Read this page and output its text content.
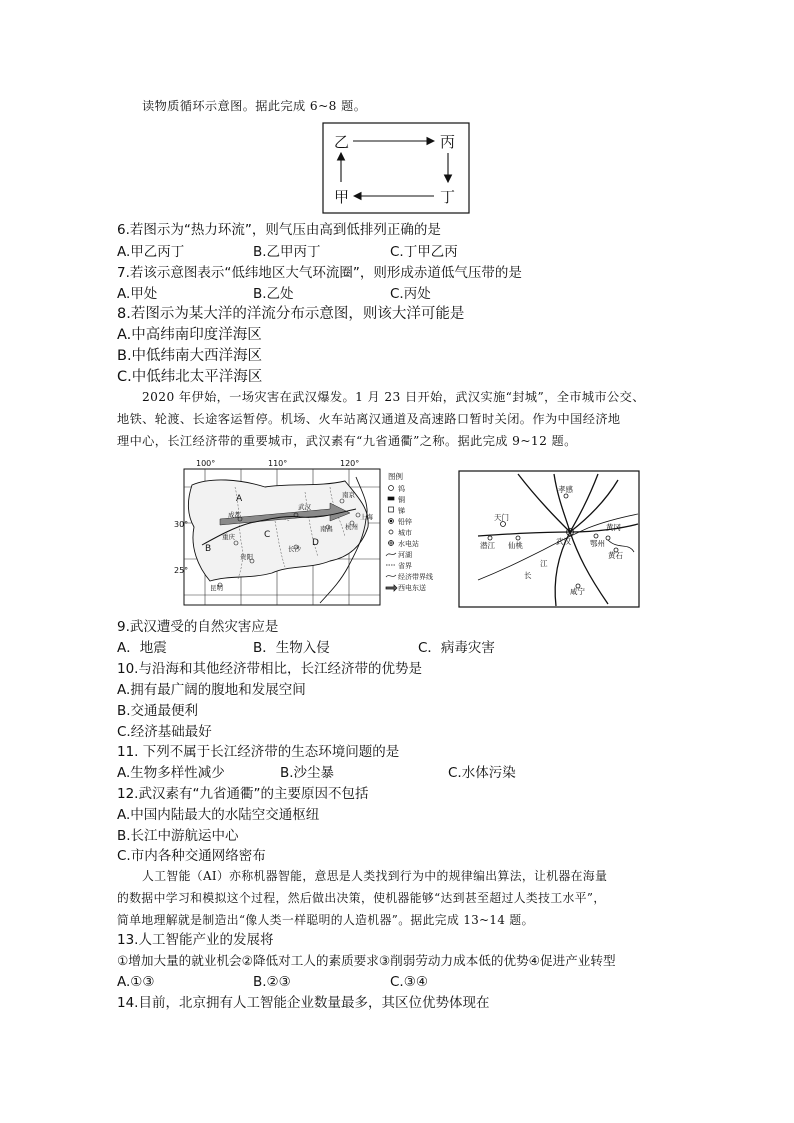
读物质循环示意图。据此完成 6~8 题。
乙	丙
甲	丁
6.若图示为“热力环流”，则气压由高到低排列正确的是
A.甲乙丙丁	B.乙甲丙丁	C.丁甲乙丙
7.若该示意图表示“低纬地区大气环流圈”，则形成赤道低气压带的是
A.甲处	B.乙处	C.丙处
8.若图示为某大洋的洋流分布示意图，则该大洋可能是
A.中高纬南印度洋海区
B.中低纬南大西洋海区
C.中低纬北太平洋海区
2020 年伊始，一场灾害在武汉爆发。1 月 23 日开始，武汉实施“封城”，全市城市公交、
地铁、轮渡、长途客运暂停。机场、火车站离汉通道及高速路口暂时关闭。作为中国经济地
理中心，长江经济带的重要城市，武汉素有“九省通衢”之称。据此完成 9~12 题。
100°	110°	120°
30°
25°
A
B
C
D
成都
重庆
昆明
长沙
南昌 杭州
上海
南京
武汉
贵阳
图例
钨
铜
锑
铅锌
城市
水电站
河湖
省界
经济带界线
西电东送
孝感
天门
武汉
潜江 仙桃
黄冈
鄂州
黄石
咸宁
江
长
9.武汉遭受的自然灾害应是
A．地震	B．生物入侵	C．病毒灾害
10.与沿海和其他经济带相比，长江经济带的优势是
A.拥有最广阔的腹地和发展空间
B.交通最便利
C.经济基础最好
11. 下列不属于长江经济带的生态环境问题的是
A.生物多样性减少	B.沙尘暴	C.水体污染
12.武汉素有“九省通衢”的主要原因不包括
A.中国内陆最大的水陆空交通枢纽
B.长江中游航运中心
C.市内各种交通网络密布
人工智能（AI）亦称机器智能，意思是人类找到行为中的规律编出算法，让机器在海量
的数据中学习和模拟这个过程，然后做出决策，使机器能够“达到甚至超过人类技工水平”，
简单地理解就是制造出“像人类一样聪明的人造机器”。据此完成 13~14 题。
13.人工智能产业的发展将
①增加大量的就业机会②降低对工人的素质要求③削弱劳动力成本低的优势④促进产业转型
A.①③	B.②③	C.③④
14.目前，北京拥有人工智能企业数量最多，其区位优势体现在
